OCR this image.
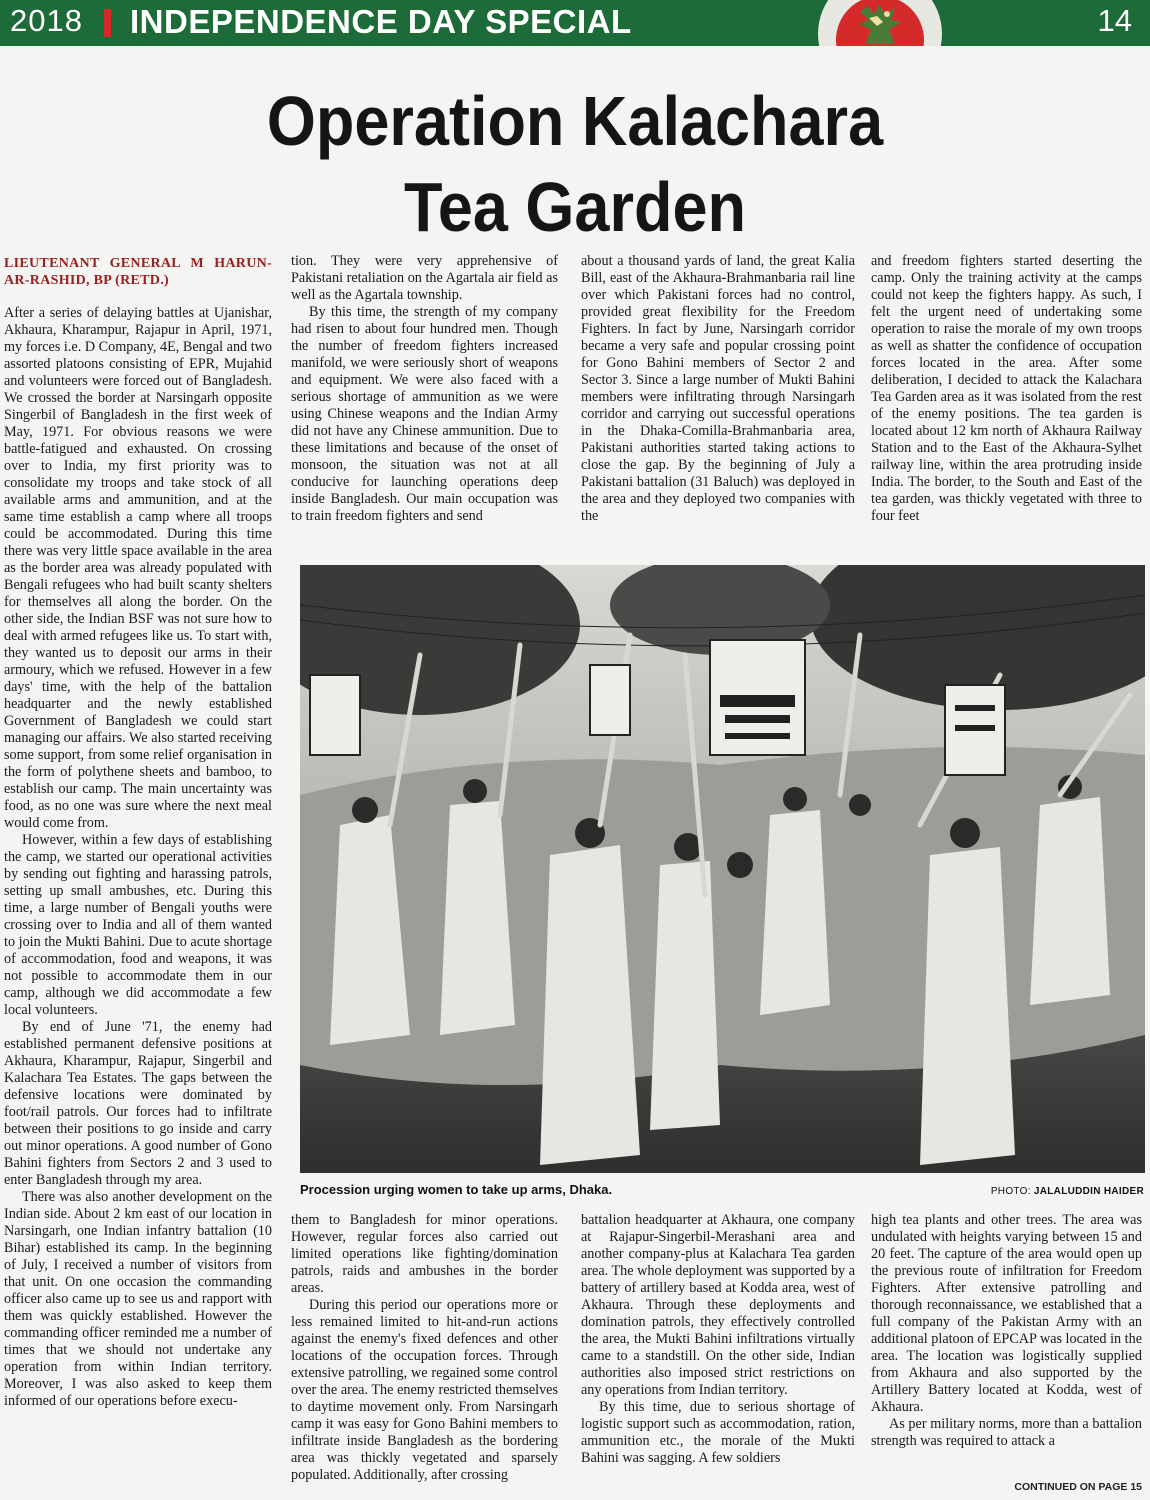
2018 INDEPENDENCE DAY SPECIAL	14
Operation Kalachara
Tea Garden

LIEUTENANT GENERAL M HARUN-AR-RASHID, BP (RETD.)

After a series of delaying battles at Ujanishar, Akhaura, Kharampur, Rajapur in April, 1971, my forces i.e. D Company, 4E, Bengal and two assorted platoons consisting of EPR, Mujahid and volunteers were forced out of Bangladesh. We crossed the border at Narsingarh opposite Singerbil of Bangladesh in the first week of May, 1971. For obvious reasons we were battle-fatigued and exhausted. On crossing over to India, my first priority was to consolidate my troops and take stock of all available arms and ammunition, and at the same time establish a camp where all troops could be accommodated. During this time there was very little space available in the area as the border area was already populated with Bengali refugees who had built scanty shelters for themselves all along the border. On the other side, the Indian BSF was not sure how to deal with armed refugees like us. To start with, they wanted us to deposit our arms in their armoury, which we refused. However in a few days' time, with the help of the battalion headquarter and the newly established Government of Bangladesh we could start managing our affairs. We also started receiving some support, from some relief organisation in the form of polythene sheets and bamboo, to establish our camp. The main uncertainty was food, as no one was sure where the next meal would come from.

However, within a few days of establishing the camp, we started our operational activities by sending out fighting and harassing patrols, setting up small ambushes, etc. During this time, a large number of Bengali youths were crossing over to India and all of them wanted to join the Mukti Bahini. Due to acute shortage of accommodation, food and weapons, it was not possible to accommodate them in our camp, although we did accommodate a few local volunteers.

By end of June '71, the enemy had established permanent defensive positions at Akhaura, Kharampur, Rajapur, Singerbil and Kalachara Tea Estates. The gaps between the defensive locations were dominated by foot/rail patrols. Our forces had to infiltrate between their positions to go inside and carry out minor operations. A good number of Gono Bahini fighters from Sectors 2 and 3 used to enter Bangladesh through my area.

There was also another development on the Indian side. About 2 km east of our location in Narsingarh, one Indian infantry battalion (10 Bihar) established its camp. In the beginning of July, I received a number of visitors from that unit. On one occasion the commanding officer also came up to see us and rapport with them was quickly established. However the commanding officer reminded me a number of times that we should not undertake any operation from within Indian territory. Moreover, I was also asked to keep them informed of our operations before execu-

tion. They were very apprehensive of Pakistani retaliation on the Agartala air field as well as the Agartala township.

By this time, the strength of my company had risen to about four hundred men. Though the number of freedom fighters increased manifold, we were seriously short of weapons and equipment. We were also faced with a serious shortage of ammunition as we were using Chinese weapons and the Indian Army did not have any Chinese ammunition. Due to these limitations and because of the onset of monsoon, the situation was not at all conducive for launching operations deep inside Bangladesh. Our main occupation was to train freedom fighters and send

about a thousand yards of land, the great Kalia Bill, east of the Akhaura-Brahmanbaria rail line over which Pakistani forces had no control, provided great flexibility for the Freedom Fighters. In fact by June, Narsingarh corridor became a very safe and popular crossing point for Gono Bahini members of Sector 2 and Sector 3. Since a large number of Mukti Bahini members were infiltrating through Narsingarh corridor and carrying out successful operations in the Dhaka-Comilla-Brahmanbaria area, Pakistani authorities started taking actions to close the gap. By the beginning of July a Pakistani battalion (31 Baluch) was deployed in the area and they deployed two companies with the

and freedom fighters started deserting the camp. Only the training activity at the camps could not keep the fighters happy. As such, I felt the urgent need of undertaking some operation to raise the morale of my own troops as well as shatter the confidence of occupation forces located in the area. After some deliberation, I decided to attack the Kalachara Tea Garden area as it was isolated from the rest of the enemy positions. The tea garden is located about 12 km north of Akhaura Railway Station and to the East of the Akhaura-Sylhet railway line, within the area protruding inside India. The border, to the South and East of the tea garden, was thickly vegetated with three to four feet

Procession urging women to take up arms, Dhaka.	PHOTO: JALALUDDIN HAIDER

them to Bangladesh for minor operations. However, regular forces also carried out limited operations like fighting/domination patrols, raids and ambushes in the border areas.

During this period our operations more or less remained limited to hit-and-run actions against the enemy's fixed defences and other locations of the occupation forces. Through extensive patrolling, we regained some control over the area. The enemy restricted themselves to daytime movement only. From Narsingarh camp it was easy for Gono Bahini members to infiltrate inside Bangladesh as the bordering area was thickly vegetated and sparsely populated. Additionally, after crossing

battalion headquarter at Akhaura, one company at Rajapur-Singerbil-Merashani area and another company-plus at Kalachara Tea garden area. The whole deployment was supported by a battery of artillery based at Kodda area, west of Akhaura. Through these deployments and domination patrols, they effectively controlled the area, the Mukti Bahini infiltrations virtually came to a standstill. On the other side, Indian authorities also imposed strict restrictions on any operations from Indian territory.

By this time, due to serious shortage of logistic support such as accommodation, ration, ammunition etc., the morale of the Mukti Bahini was sagging. A few soldiers

high tea plants and other trees. The area was undulated with heights varying between 15 and 20 feet. The capture of the area would open up the previous route of infiltration for Freedom Fighters. After extensive patrolling and thorough reconnaissance, we established that a full company of the Pakistan Army with an additional platoon of EPCAP was located in the area. The location was logistically supplied from Akhaura and also supported by the Artillery Battery located at Kodda, west of Akhaura.

As per military norms, more than a battalion strength was required to attack a

CONTINUED ON PAGE 15
